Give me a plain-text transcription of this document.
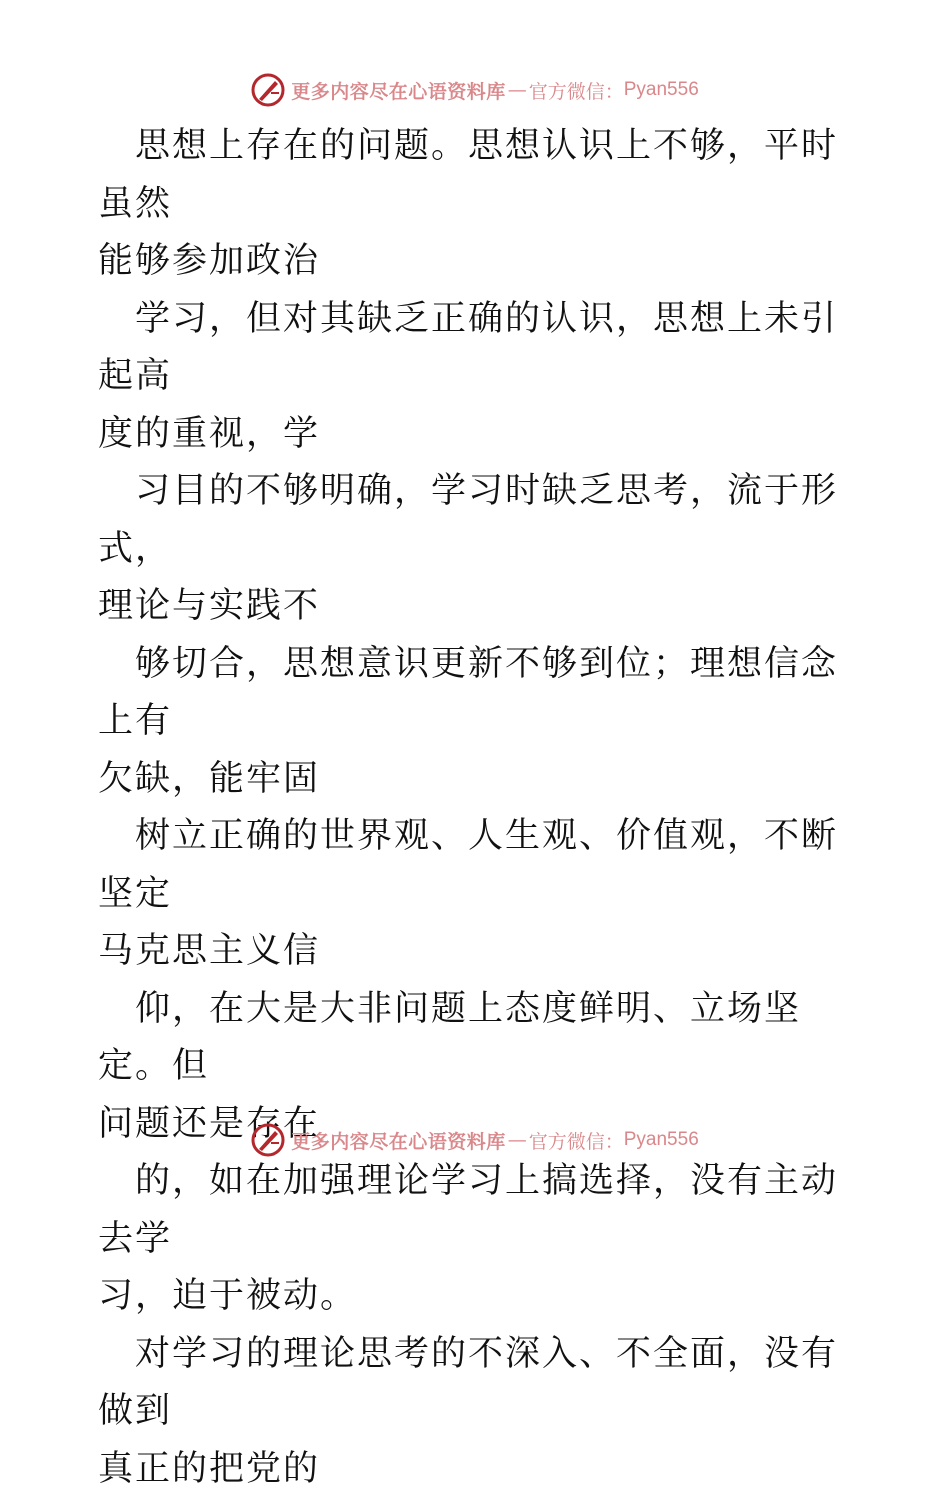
更多内容尽在心语资料库 — 官方微信： Pyan556

思想上存在的问题。思想认识上不够，平时虽然
能够参加政治

学习，但对其缺乏正确的认识，思想上未引起高
度的重视，学

习目的不够明确，学习时缺乏思考，流于形式，
理论与实践不

够切合，思想意识更新不够到位；理想信念上有
欠缺，能牢固

树立正确的世界观、人生观、价值观，不断坚定
马克思主义信

仰，在大是大非问题上态度鲜明、立场坚定。但
问题还是存在

的，如在加强理论学习上搞选择，没有主动去学
习，迫于被动。

对学习的理论思考的不深入、不全面，没有做到
真正的把党的

更多内容尽在心语资料库 — 官方微信： Pyan556
